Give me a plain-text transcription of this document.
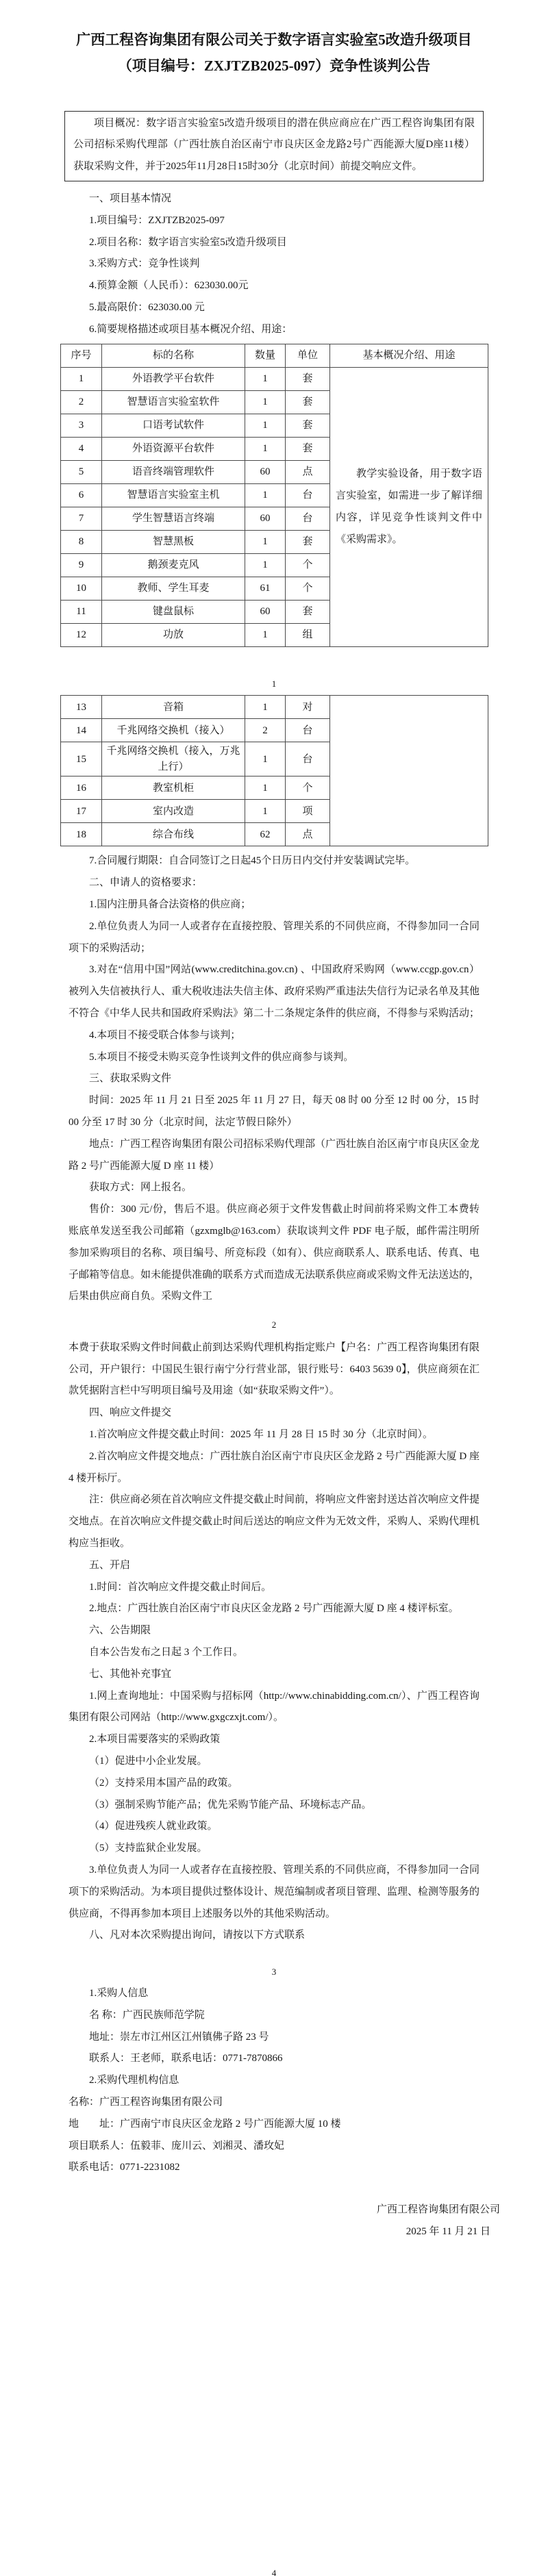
广西工程咨询集团有限公司关于数字语言实验室5改造升级项目
（项目编号：ZXJTZB2025-097）竞争性谈判公告

项目概况：数字语言实验室5改造升级项目的潜在供应商应在广西工程咨询集团有限公司招标采购代理部（广西壮族自治区南宁市良庆区金龙路2号广西能源大厦D座11楼）获取采购文件，并于2025年11月28日15时30分（北京时间）前提交响应文件。

一、项目基本情况

1.项目编号：ZXJTZB2025-097

2.项目名称：数字语言实验室5改造升级项目

3.采购方式：竞争性谈判

4.预算金额（人民币）：623030.00元

5.最高限价：623030.00 元

6.简要规格描述或项目基本概况介绍、用途：

序号	标的名称	数量	单位	基本概况介绍、用途
1	外语教学平台软件	1	套	教学实验设备，用于数字语言实验室，如需进一步了解详细内容，详见竞争性谈判文件中《采购需求》。

2	智慧语言实验室软件	1	套	
3	口语考试软件	1	套	
4	外语资源平台软件	1	套	
5	语音终端管理软件	60	点	
6	智慧语言实验室主机	1	台	
7	学生智慧语言终端	60	台	
8	智慧黑板	1	套	
9	鹅颈麦克风	1	个	
10	教师、学生耳麦	61	个	
11	键盘鼠标	60	套	
12	功放	1	组	
1
13	音箱	1	对	
14	千兆网络交换机（接入）	2	台	
15	千兆网络交换机（接入，万兆上行）	1	台	
16	教室机柜	1	个	
17	室内改造	1	项	
18	综合布线	62	点	

7.合同履行期限：自合同签订之日起45个日历日内交付并安装调试完毕。

二、申请人的资格要求：

1.国内注册具备合法资格的供应商；

2.单位负责人为同一人或者存在直接控股、管理关系的不同供应商，不得参加同一合同项下的采购活动；

3.对在“信用中国”网站(www.creditchina.gov.cn) 、中国政府采购网（www.ccgp.gov.cn）被列入失信被执行人、重大税收违法失信主体、政府采购严重违法失信行为记录名单及其他不符合《中华人民共和国政府采购法》第二十二条规定条件的供应商，不得参与采购活动；

4.本项目不接受联合体参与谈判；

5.本项目不接受未购买竞争性谈判文件的供应商参与谈判。

三、获取采购文件

时间：2025 年 11 月 21 日至 2025 年 11 月 27 日，每天 08 时 00 分至 12 时 00 分，15 时 00 分至 17 时 30 分（北京时间，法定节假日除外）

地点：广西工程咨询集团有限公司招标采购代理部（广西壮族自治区南宁市良庆区金龙路 2 号广西能源大厦 D 座 11 楼）

获取方式：网上报名。

售价：300 元/份，售后不退。供应商必须于文件发售截止时间前将采购文件工本费转账底单发送至我公司邮箱（gzxmglb@163.com）获取谈判文件 PDF 电子版，邮件需注明所参加采购项目的名称、项目编号、所竞标段（如有）、供应商联系人、联系电话、传真、电子邮箱等信息。如未能提供准确的联系方式而造成无法联系供应商或采购文件无法送达的，后果由供应商自负。采购文件工

2

本费于获取采购文件时间截止前到达采购代理机构指定账户【户名：广西工程咨询集团有限公司，开户银行：中国民生银行南宁分行营业部，银行账号：6403 5639 0】，供应商须在汇款凭据附言栏中写明项目编号及用途（如“获取采购文件”）。

四、响应文件提交

1.首次响应文件提交截止时间：2025 年 11 月 28 日 15 时 30 分（北京时间）。

2.首次响应文件提交地点：广西壮族自治区南宁市良庆区金龙路 2 号广西能源大厦 D 座 4 楼开标厅。

注：供应商必须在首次响应文件提交截止时间前，将响应文件密封送达首次响应文件提交地点。在首次响应文件提交截止时间后送达的响应文件为无效文件，采购人、采购代理机构应当拒收。

五、开启

1.时间：首次响应文件提交截止时间后。

2.地点：广西壮族自治区南宁市良庆区金龙路 2 号广西能源大厦 D 座 4 楼评标室。

六、公告期限

自本公告发布之日起 3 个工作日。

七、其他补充事宜

1.网上查询地址：中国采购与招标网（http://www.chinabidding.com.cn/）、广西工程咨询集团有限公司网站（http://www.gxgczxjt.com/）。

2.本项目需要落实的采购政策

（1）促进中小企业发展。

（2）支持采用本国产品的政策。

（3）强制采购节能产品；优先采购节能产品、环境标志产品。

（4）促进残疾人就业政策。

（5）支持监狱企业发展。

3.单位负责人为同一人或者存在直接控股、管理关系的不同供应商，不得参加同一合同项下的采购活动。为本项目提供过整体设计、规范编制或者项目管理、监理、检测等服务的供应商，不得再参加本项目上述服务以外的其他采购活动。

八、凡对本次采购提出询问，请按以下方式联系

3

1.采购人信息

名 称：广西民族师范学院

地址：崇左市江州区江州镇佛子路 23 号

联系人：王老师，联系电话：0771-7870866

2.采购代理机构信息

名称：广西工程咨询集团有限公司

地　　址：广西南宁市良庆区金龙路 2 号广西能源大厦 10 楼

项目联系人：伍毅菲、庞川云、刘湘灵、潘玫妃

联系电话：0771-2231082

广西工程咨询集团有限公司

2025 年 11 月 21 日

4
